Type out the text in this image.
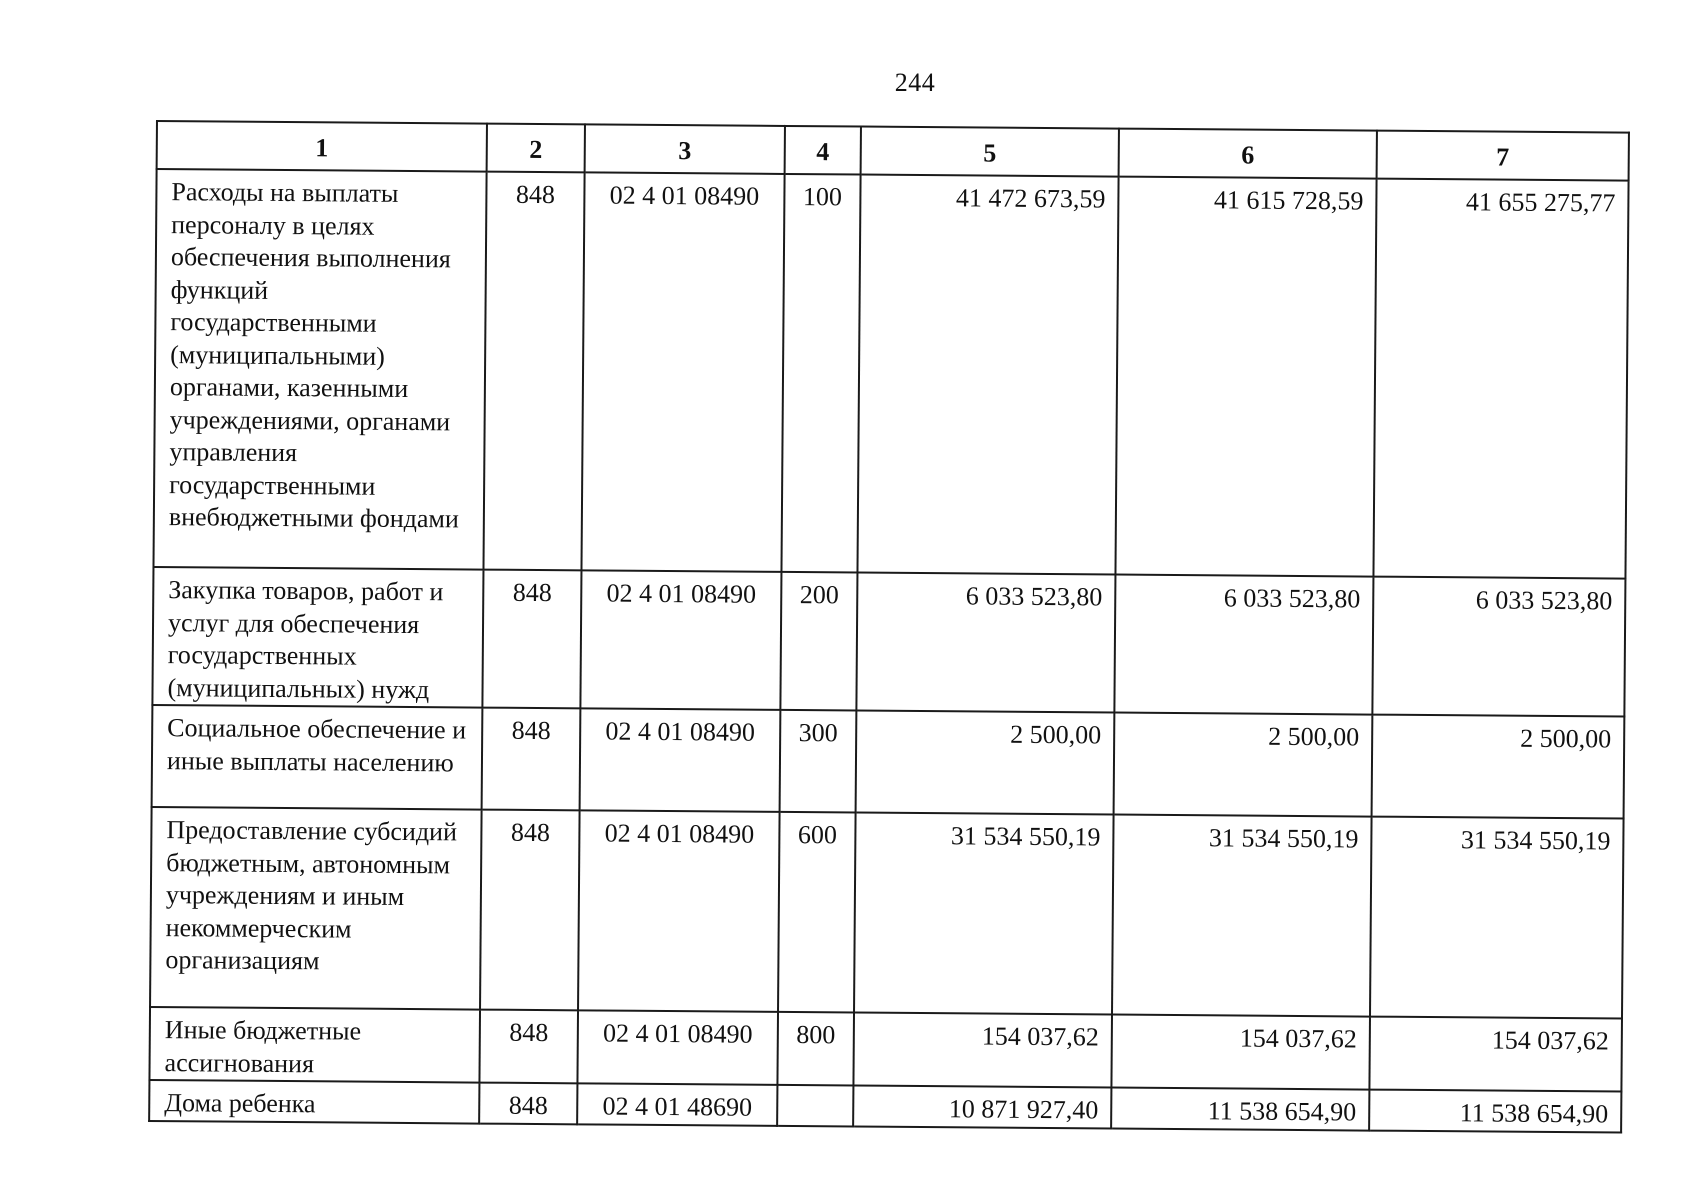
244
1	2	3	4	5	6	7
Расходы на выплаты персоналу в целях обеспечения выполнения функций государственными (муниципальными) органами, казенными учреждениями, органами управления государственными внебюджетными фондами	848	02 4 01 08490	100	41 472 673,59	41 615 728,59	41 655 275,77
Закупка товаров, работ и услуг для обеспечения государственных (муниципальных) нужд	848	02 4 01 08490	200	6 033 523,80	6 033 523,80	6 033 523,80
Социальное обеспечение и иные выплаты населению	848	02 4 01 08490	300	2 500,00	2 500,00	2 500,00
Предоставление субсидий бюджетным, автономным учреждениям и иным некоммерческим организациям	848	02 4 01 08490	600	31 534 550,19	31 534 550,19	31 534 550,19
Иные бюджетные ассигнования	848	02 4 01 08490	800	154 037,62	154 037,62	154 037,62
Дома ребенка	848	02 4 01 48690		10 871 927,40	11 538 654,90	11 538 654,90
